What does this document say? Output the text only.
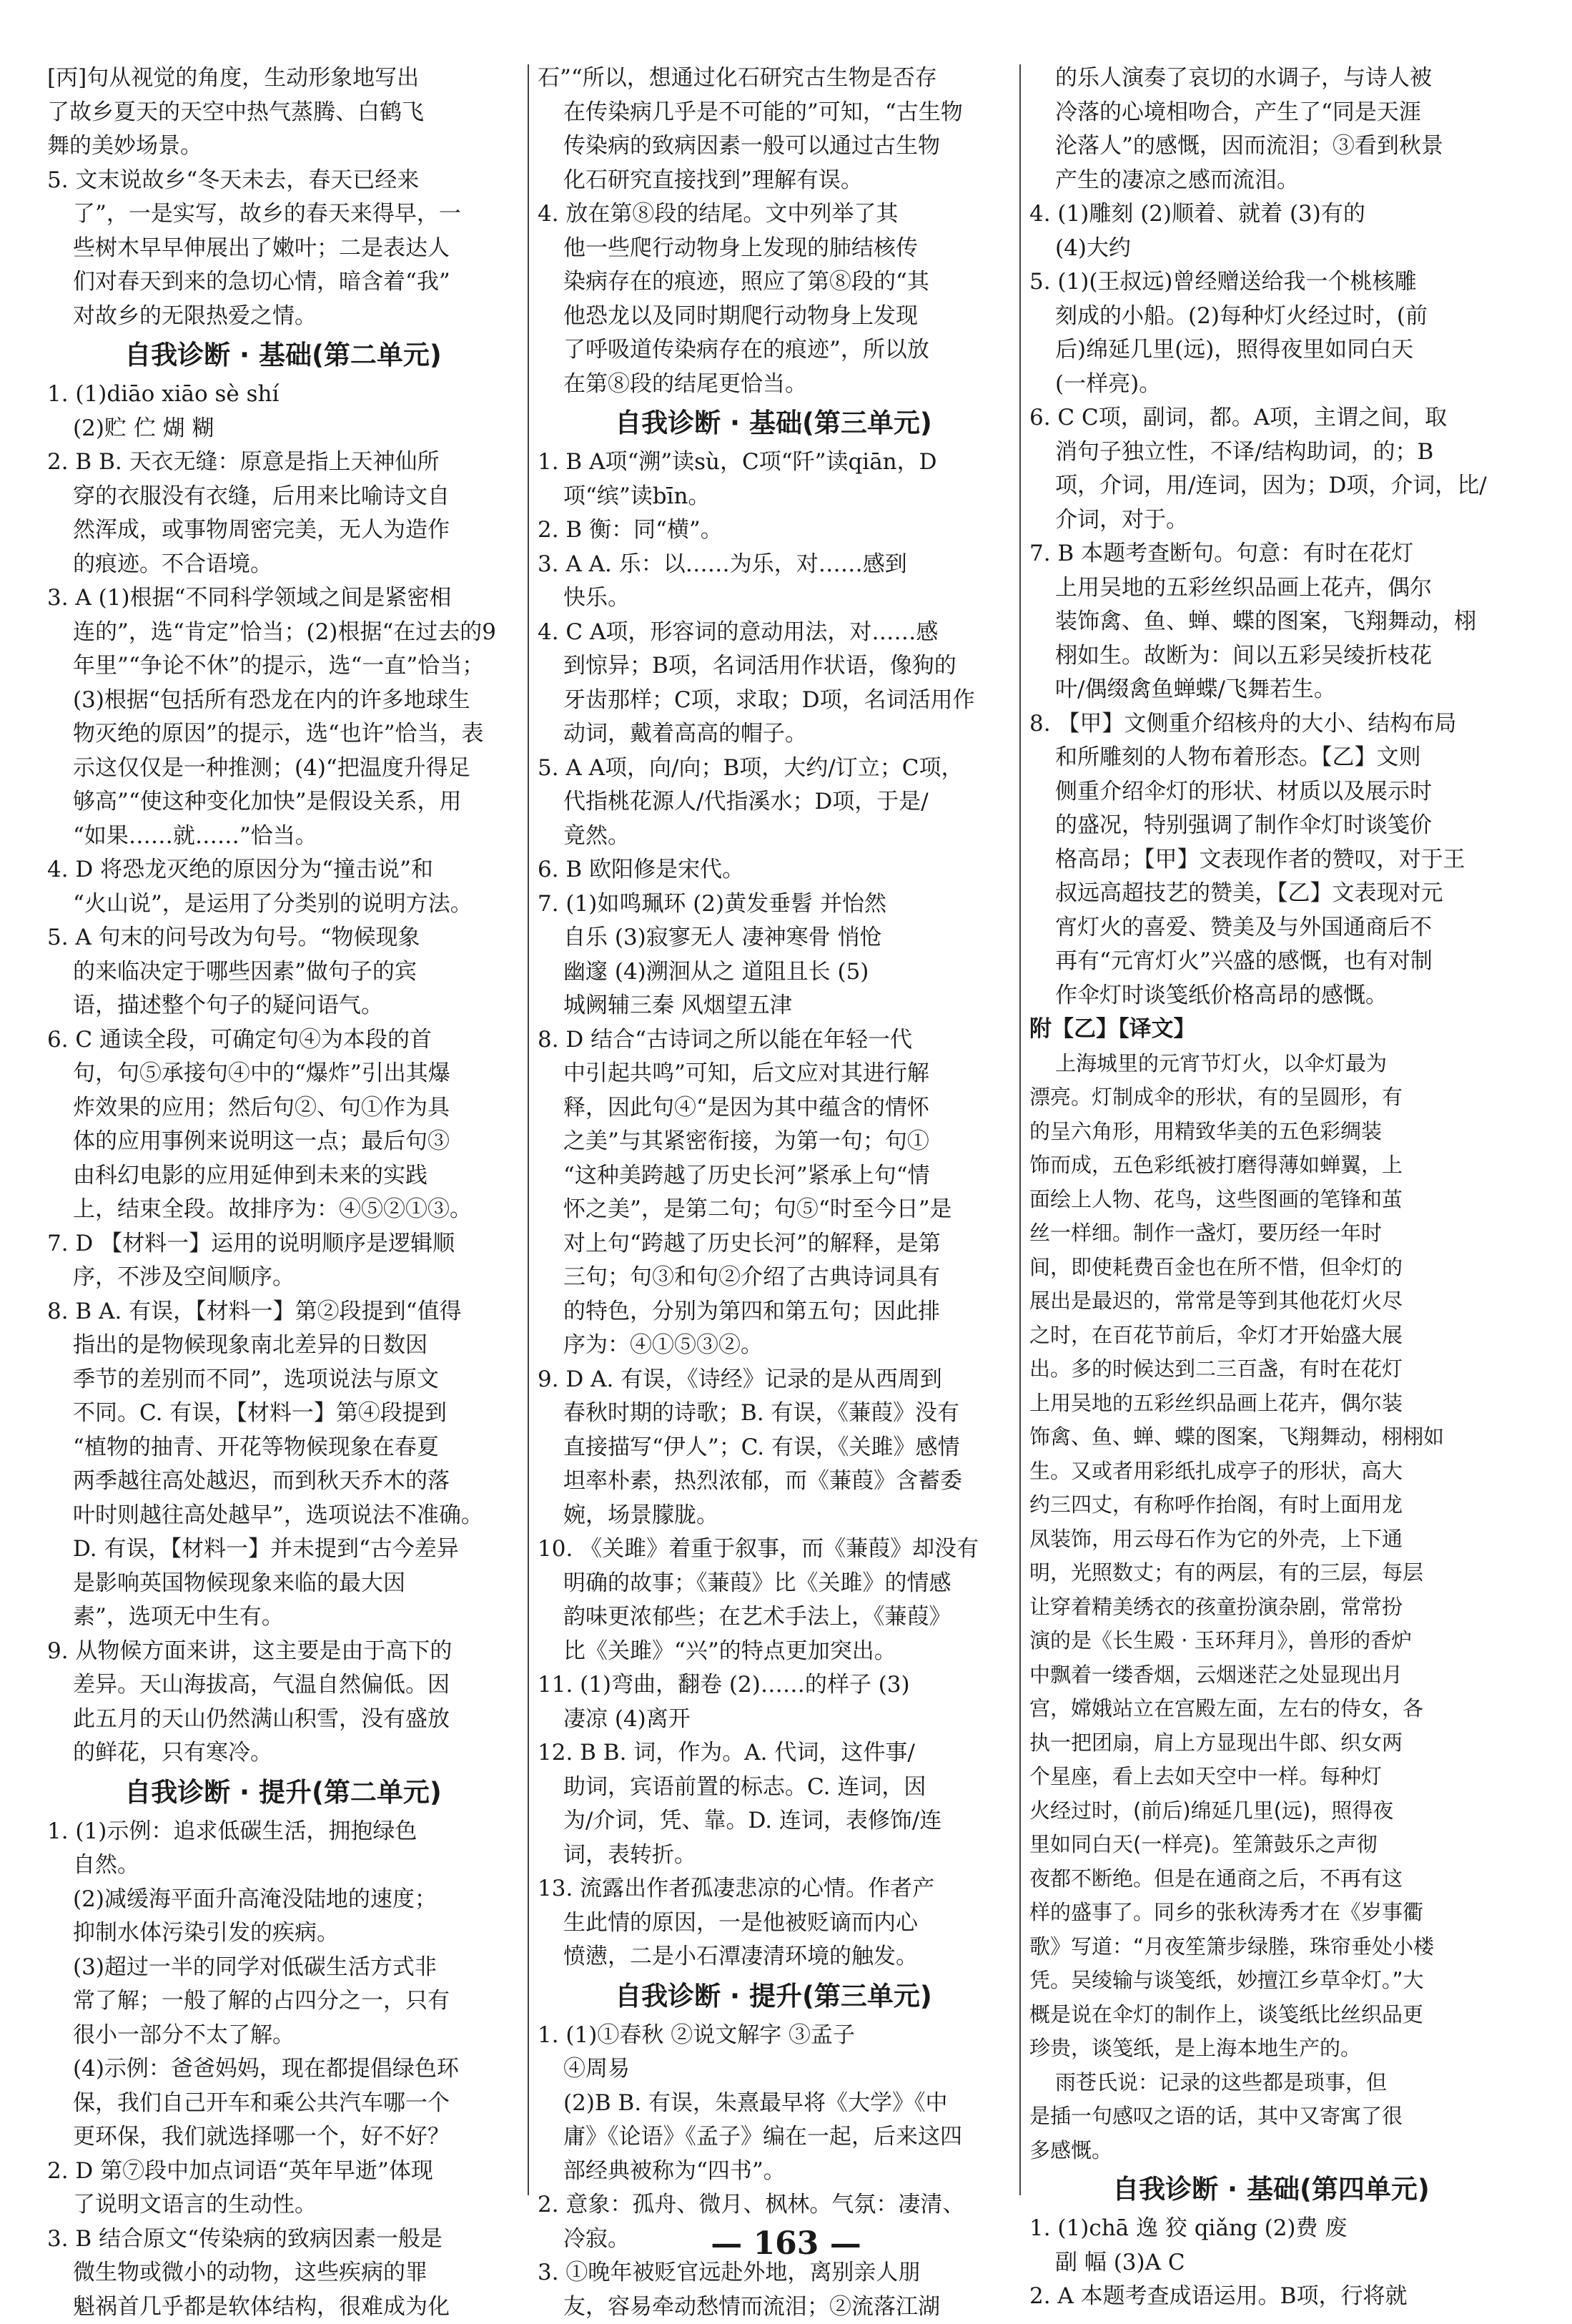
[丙]句从视觉的角度，生动形象地写出
了故乡夏天的天空中热气蒸腾、白鹤飞
舞的美妙场景。
5. 文末说故乡“冬天未去，春天已经来
了”，一是实写，故乡的春天来得早，一
些树木早早伸展出了嫩叶；二是表达人
们对春天到来的急切心情，暗含着“我”
对故乡的无限热爱之情。
自我诊断 · 基础(第二单元)
1. (1)diāo xiāo sè shí
(2)贮 伫 煳 糊
2. B B. 天衣无缝：原意是指上天神仙所
穿的衣服没有衣缝，后用来比喻诗文自
然浑成，或事物周密完美，无人为造作
的痕迹。不合语境。
3. A (1)根据“不同科学领域之间是紧密相
连的”，选“肯定”恰当；(2)根据“在过去的9
年里”“争论不休”的提示，选“一直”恰当；
(3)根据“包括所有恐龙在内的许多地球生
物灭绝的原因”的提示，选“也许”恰当，表
示这仅仅是一种推测；(4)“把温度升得足
够高”“使这种变化加快”是假设关系，用
“如果……就……”恰当。
4. D 将恐龙灭绝的原因分为“撞击说”和
“火山说”，是运用了分类别的说明方法。
5. A 句末的问号改为句号。“物候现象
的来临决定于哪些因素”做句子的宾
语，描述整个句子的疑问语气。
6. C 通读全段，可确定句④为本段的首
句，句⑤承接句④中的“爆炸”引出其爆
炸效果的应用；然后句②、句①作为具
体的应用事例来说明这一点；最后句③
由科幻电影的应用延伸到未来的实践
上，结束全段。故排序为：④⑤②①③。
7. D 【材料一】运用的说明顺序是逻辑顺
序，不涉及空间顺序。
8. B A. 有误，【材料一】第②段提到“值得
指出的是物候现象南北差异的日数因
季节的差别而不同”，选项说法与原文
不同。C. 有误，【材料一】第④段提到
“植物的抽青、开花等物候现象在春夏
两季越往高处越迟，而到秋天乔木的落
叶时则越往高处越早”，选项说法不准确。
D. 有误，【材料一】并未提到“古今差异
是影响英国物候现象来临的最大因
素”，选项无中生有。
9. 从物候方面来讲，这主要是由于高下的
差异。天山海拔高，气温自然偏低。因
此五月的天山仍然满山积雪，没有盛放
的鲜花，只有寒冷。
自我诊断 · 提升(第二单元)
1. (1)示例：追求低碳生活，拥抱绿色
自然。
(2)减缓海平面升高淹没陆地的速度；
抑制水体污染引发的疾病。
(3)超过一半的同学对低碳生活方式非
常了解；一般了解的占四分之一，只有
很小一部分不太了解。
(4)示例：爸爸妈妈，现在都提倡绿色环
保，我们自己开车和乘公共汽车哪一个
更环保，我们就选择哪一个，好不好？
2. D 第⑦段中加点词语“英年早逝”体现
了说明文语言的生动性。
3. B 结合原文“传染病的致病因素一般是
微生物或微小的动物，这些疾病的罪
魁祸首几乎都是软体结构，很难成为化
石”“所以，想通过化石研究古生物是否存
在传染病几乎是不可能的”可知，“古生物
传染病的致病因素一般可以通过古生物
化石研究直接找到”理解有误。
4. 放在第⑧段的结尾。文中列举了其
他一些爬行动物身上发现的肺结核传
染病存在的痕迹，照应了第⑧段的“其
他恐龙以及同时期爬行动物身上发现
了呼吸道传染病存在的痕迹”，所以放
在第⑧段的结尾更恰当。
自我诊断 · 基础(第三单元)
1. B A项“溯”读sù，C项“阡”读qiān，D
项“缤”读bīn。
2. B 衡：同“横”。
3. A A. 乐：以……为乐，对……感到
快乐。
4. C A项，形容词的意动用法，对……感
到惊异；B项，名词活用作状语，像狗的
牙齿那样；C项，求取；D项，名词活用作
动词，戴着高高的帽子。
5. A A项，向/向；B项，大约/订立；C项，
代指桃花源人/代指溪水；D项，于是/
竟然。
6. B 欧阳修是宋代。
7. (1)如鸣珮环 (2)黄发垂髫 并怡然
自乐 (3)寂寥无人 凄神寒骨 悄怆
幽邃 (4)溯洄从之 道阻且长 (5)
城阙辅三秦 风烟望五津
8. D 结合“古诗词之所以能在年轻一代
中引起共鸣”可知，后文应对其进行解
释，因此句④“是因为其中蕴含的情怀
之美”与其紧密衔接，为第一句；句①
“这种美跨越了历史长河”紧承上句“情
怀之美”，是第二句；句⑤“时至今日”是
对上句“跨越了历史长河”的解释，是第
三句；句③和句②介绍了古典诗词具有
的特色，分别为第四和第五句；因此排
序为：④①⑤③②。
9. D A. 有误，《诗经》记录的是从西周到
春秋时期的诗歌；B. 有误，《蒹葭》没有
直接描写“伊人”；C. 有误，《关雎》感情
坦率朴素，热烈浓郁，而《蒹葭》含蓄委
婉，场景朦胧。
10. 《关雎》着重于叙事，而《蒹葭》却没有
明确的故事；《蒹葭》比《关雎》的情感
韵味更浓郁些；在艺术手法上，《蒹葭》
比《关雎》“兴”的特点更加突出。
11. (1)弯曲，翻卷 (2)……的样子 (3)
凄凉 (4)离开
12. B B. 词，作为。A. 代词，这件事/
助词，宾语前置的标志。C. 连词，因
为/介词，凭、靠。D. 连词，表修饰/连
词，表转折。
13. 流露出作者孤凄悲凉的心情。作者产
生此情的原因，一是他被贬谪而内心
愤懑，二是小石潭凄清环境的触发。
自我诊断 · 提升(第三单元)
1. (1)①春秋 ②说文解字 ③孟子
④周易
(2)B B. 有误，朱熹最早将《大学》《中
庸》《论语》《孟子》编在一起，后来这四
部经典被称为“四书”。
2. 意象：孤舟、微月、枫林。气氛：凄清、
冷寂。
3. ①晚年被贬官远赴外地，离别亲人朋
友，容易牵动愁情而流泪；②流落江湖
的乐人演奏了哀切的水调子，与诗人被
冷落的心境相吻合，产生了“同是天涯
沦落人”的感慨，因而流泪；③看到秋景
产生的凄凉之感而流泪。
4. (1)雕刻 (2)顺着、就着 (3)有的
(4)大约
5. (1)(王叔远)曾经赠送给我一个桃核雕
刻成的小船。(2)每种灯火经过时，(前
后)绵延几里(远)，照得夜里如同白天
(一样亮)。
6. C C项，副词，都。A项，主谓之间，取
消句子独立性，不译/结构助词，的；B
项，介词，用/连词，因为；D项，介词，比/
介词，对于。
7. B 本题考查断句。句意：有时在花灯
上用吴地的五彩丝织品画上花卉，偶尔
装饰禽、鱼、蝉、蝶的图案，飞翔舞动，栩
栩如生。故断为：间以五彩吴绫折枝花
叶/偶缀禽鱼蝉蝶/飞舞若生。
8. 【甲】文侧重介绍核舟的大小、结构布局
和所雕刻的人物布着形态。【乙】文则
侧重介绍伞灯的形状、材质以及展示时
的盛况，特别强调了制作伞灯时谈笺价
格高昂；【甲】文表现作者的赞叹，对于王
叔远高超技艺的赞美，【乙】文表现对元
宵灯火的喜爱、赞美及与外国通商后不
再有“元宵灯火”兴盛的感慨，也有对制
作伞灯时谈笺纸价格高昂的感慨。
附【乙】【译文】
上海城里的元宵节灯火，以伞灯最为
漂亮。灯制成伞的形状，有的呈圆形，有
的呈六角形，用精致华美的五色彩绸装
饰而成，五色彩纸被打磨得薄如蝉翼，上
面绘上人物、花鸟，这些图画的笔锋和茧
丝一样细。制作一盏灯，要历经一年时
间，即使耗费百金也在所不惜，但伞灯的
展出是最迟的，常常是等到其他花灯火尽
之时，在百花节前后，伞灯才开始盛大展
出。多的时候达到二三百盏，有时在花灯
上用吴地的五彩丝织品画上花卉，偶尔装
饰禽、鱼、蝉、蝶的图案，飞翔舞动，栩栩如
生。又或者用彩纸扎成亭子的形状，高大
约三四丈，有称呼作抬阁，有时上面用龙
凤装饰，用云母石作为它的外壳，上下通
明，光照数丈；有的两层，有的三层，每层
让穿着精美绣衣的孩童扮演杂剧，常常扮
演的是《长生殿 · 玉环拜月》，兽形的香炉
中飘着一缕香烟，云烟迷茫之处显现出月
宫，嫦娥站立在宫殿左面，左右的侍女，各
执一把团扇，肩上方显现出牛郎、织女两
个星座，看上去如天空中一样。每种灯
火经过时，(前后)绵延几里(远)，照得夜
里如同白天(一样亮)。笙箫鼓乐之声彻
夜都不断绝。但是在通商之后，不再有这
样的盛事了。同乡的张秋涛秀才在《岁事衢
歌》写道：“月夜笙箫步绿塍，珠帘垂处小楼
凭。吴绫输与谈笺纸，妙擅江乡草伞灯。”大
概是说在伞灯的制作上，谈笺纸比丝织品更
珍贵，谈笺纸，是上海本地生产的。
雨苍氏说：记录的这些都是琐事，但
是插一句感叹之语的话，其中又寄寓了很
多感慨。
自我诊断 · 基础(第四单元)
1. (1)chā 逸 狡 qiǎng (2)费 废
副 幅 (3)A C
2. A 本题考查成语运用。B项，行将就
— 163 —
